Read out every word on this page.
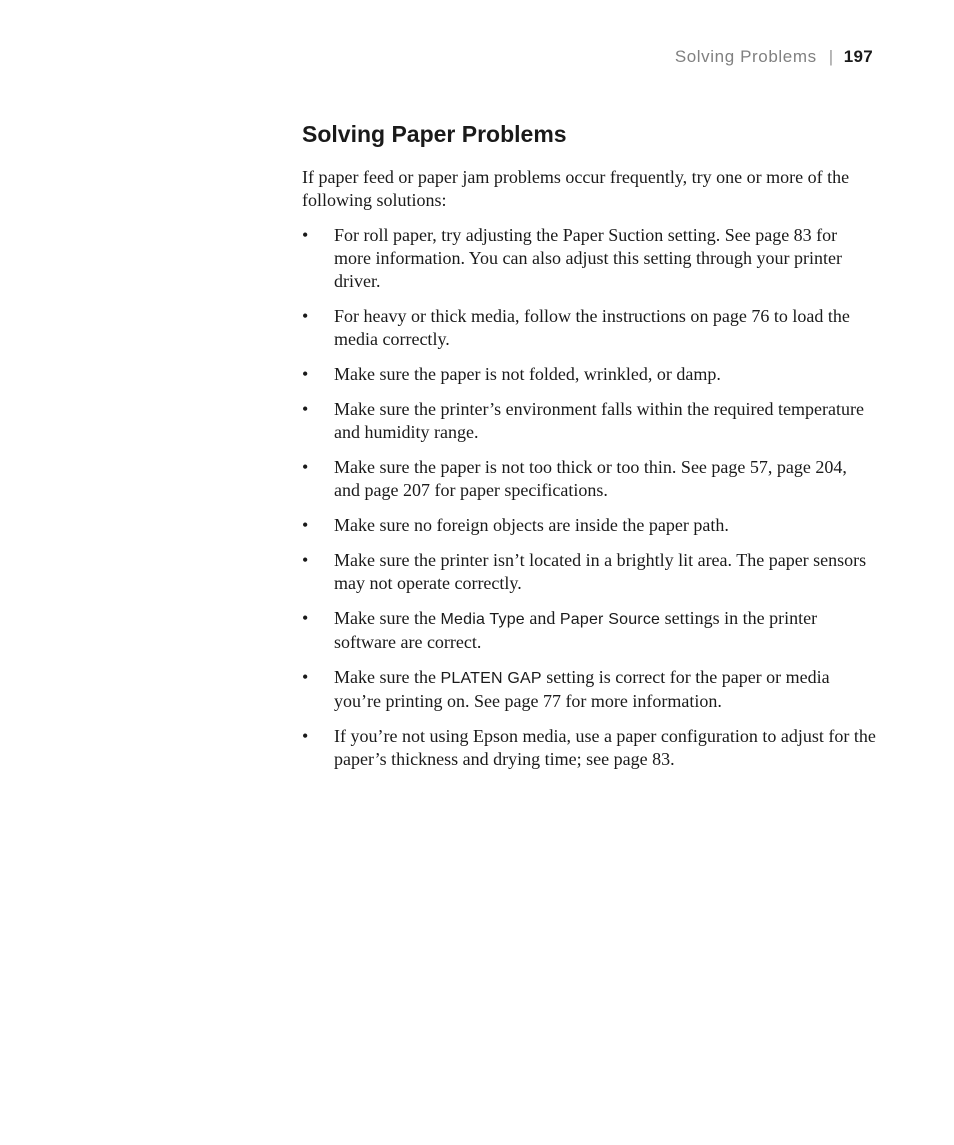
Solving Problems | 197
Solving Paper Problems

If paper feed or paper jam problems occur frequently, try one or more of the following solutions:

• For roll paper, try adjusting the Paper Suction setting. See page 83 for more information. You can also adjust this setting through your printer driver.
• For heavy or thick media, follow the instructions on page 76 to load the media correctly.
• Make sure the paper is not folded, wrinkled, or damp.
• Make sure the printer’s environment falls within the required temperature and humidity range.
• Make sure the paper is not too thick or too thin. See page 57, page 204, and page 207 for paper specifications.
• Make sure no foreign objects are inside the paper path.
• Make sure the printer isn’t located in a brightly lit area. The paper sensors may not operate correctly.
• Make sure the Media Type and Paper Source settings in the printer software are correct.
• Make sure the PLATEN GAP setting is correct for the paper or media you’re printing on. See page 77 for more information.
• If you’re not using Epson media, use a paper configuration to adjust for the paper’s thickness and drying time; see page 83.
